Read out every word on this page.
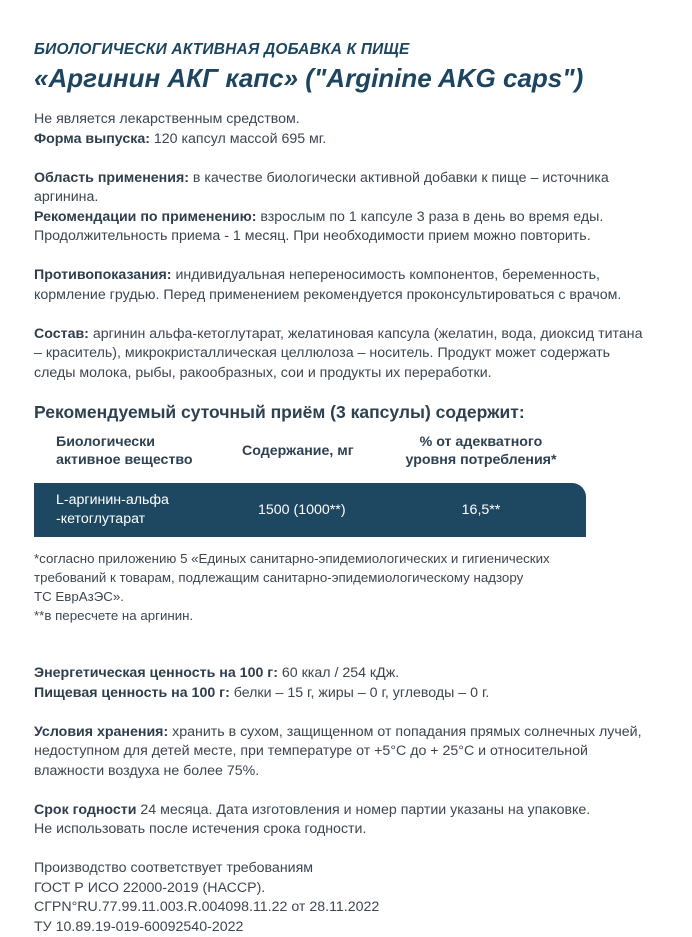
БИОЛОГИЧЕСКИ АКТИВНАЯ ДОБАВКА К ПИЩЕ
«Аргинин АКГ капс» ("Arginine AKG caps")

Не является лекарственным средством.

Форма выпуска: 120 капсул массой 695 мг.

Область применения: в качестве биологически активной добавки к пище – источника

аргинина.

Рекомендации по применению: взрослым по 1 капсуле 3 раза в день во время еды.

Продолжительность приема - 1 месяц. При необходимости прием можно повторить.

Противопоказания: индивидуальная непереносимость компонентов, беременность,

кормление грудью. Перед применением рекомендуется проконсультироваться с врачом.

Состав: аргинин альфа-кетоглутарат, желатиновая капсула (желатин, вода, диоксид титана

– краситель), микрокристаллическая целлюлоза – носитель. Продукт может содержать

следы молока, рыбы, ракообразных, сои и продукты их переработки.

Рекомендуемый суточный приём (3 капсулы) содержит:
Биологически
активное вещество
Содержание, мг
% от адекватного
уровня потребления*
L-аргинин-альфа
-кетоглутарат
1500 (1000**)	16,5**

*согласно приложению 5 «Единых санитарно-эпидемиологических и гигиенических

требований к товарам, подлежащим санитарно-эпидемиологическому надзору

ТС ЕврАзЭС».

**в пересчете на аргинин.

Энергетическая ценность на 100 г: 60 ккал / 254 кДж.

Пищевая ценность на 100 г: белки – 15 г, жиры – 0 г, углеводы – 0 г.

Условия хранения: хранить в сухом, защищенном от попадания прямых солнечных лучей,

недоступном для детей месте, при температуре от +5°С до + 25°С и относительной

влажности воздуха не более 75%.

Срок годности 24 месяца. Дата изготовления и номер партии указаны на упаковке.

Не использовать после истечения срока годности.

Производство соответствует требованиям

ГОСТ Р ИСО 22000-2019 (НАССР).

СГРN°RU.77.99.11.003.R.004098.11.22 от 28.11.2022

ТУ 10.89.19-019-60092540-2022
